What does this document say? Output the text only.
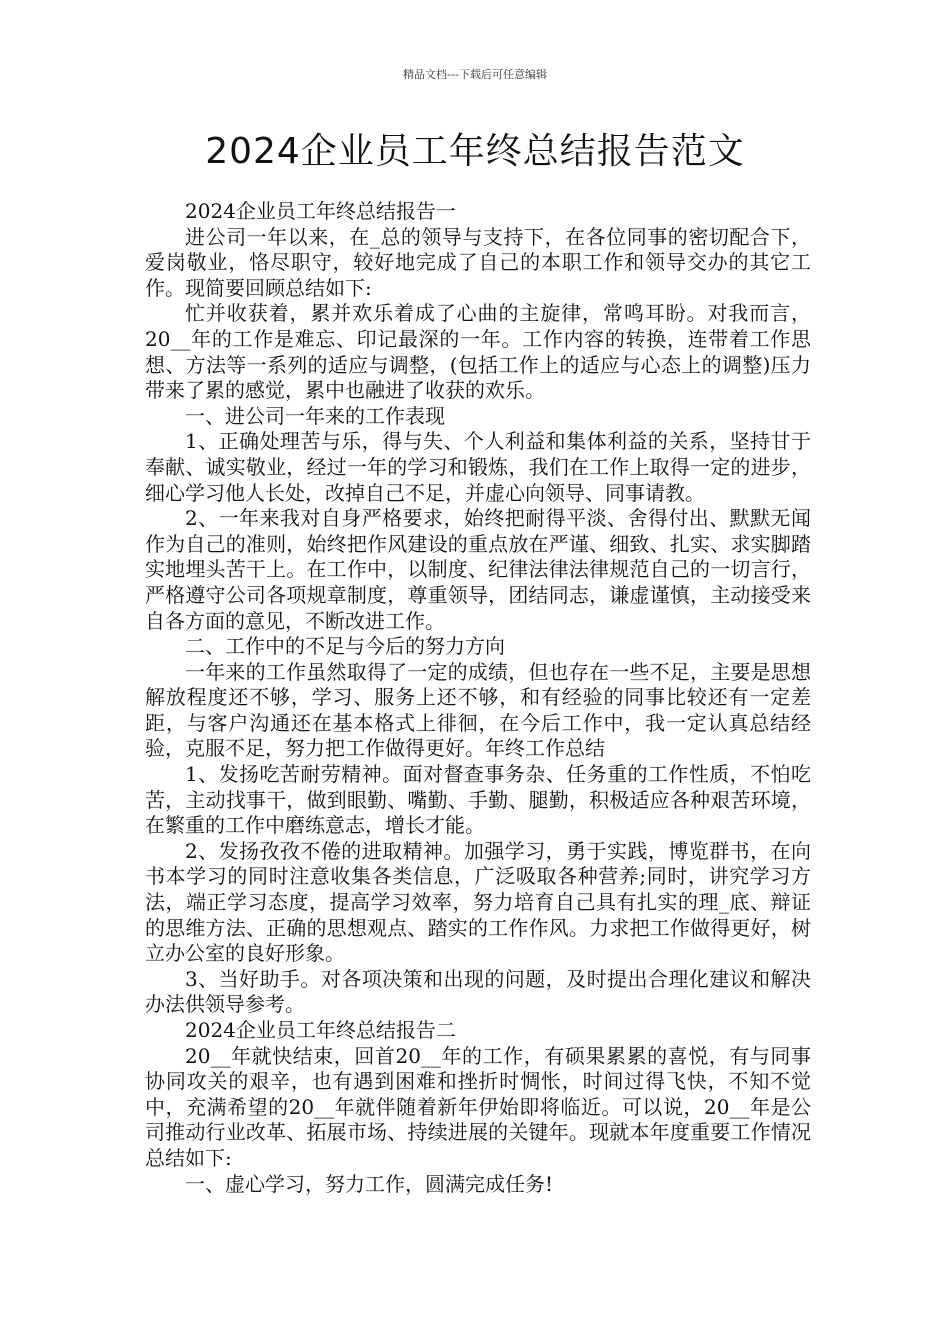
精品文档---下载后可任意编辑
2024企业员工年终总结报告范文

2024企业员工年终总结报告一

进公司一年以来，在_总的领导与支持下，在各位同事的密切配合下，爱岗敬业，恪尽职守，较好地完成了自己的本职工作和领导交办的其它工作。现简要回顾总结如下:

忙并收获着，累并欢乐着成了心曲的主旋律，常鸣耳盼。对我而言，20__年的工作是难忘、印记最深的一年。工作内容的转换，连带着工作思想、方法等一系列的适应与调整，(包括工作上的适应与心态上的调整)压力带来了累的感觉，累中也融进了收获的欢乐。

一、进公司一年来的工作表现

1、正确处理苦与乐，得与失、个人利益和集体利益的关系，坚持甘于奉献、诚实敬业，经过一年的学习和锻炼，我们在工作上取得一定的进步，细心学习他人长处，改掉自己不足，并虚心向领导、同事请教。

2、一年来我对自身严格要求，始终把耐得平淡、舍得付出、默默无闻作为自己的准则，始终把作风建设的重点放在严谨、细致、扎实、求实脚踏实地埋头苦干上。在工作中，以制度、纪律法律法律规范自己的一切言行，严格遵守公司各项规章制度，尊重领导，团结同志，谦虚谨慎，主动接受来自各方面的意见，不断改进工作。

二、工作中的不足与今后的努力方向

一年来的工作虽然取得了一定的成绩，但也存在一些不足，主要是思想解放程度还不够，学习、服务上还不够，和有经验的同事比较还有一定差距，与客户沟通还在基本格式上徘徊，在今后工作中，我一定认真总结经验，克服不足，努力把工作做得更好。年终工作总结

1、发扬吃苦耐劳精神。面对督查事务杂、任务重的工作性质，不怕吃苦，主动找事干，做到眼勤、嘴勤、手勤、腿勤，积极适应各种艰苦环境，在繁重的工作中磨练意志，增长才能。

2、发扬孜孜不倦的进取精神。加强学习，勇于实践，博览群书，在向书本学习的同时注意收集各类信息，广泛吸取各种营养;同时，讲究学习方法，端正学习态度，提高学习效率，努力培育自己具有扎实的理_底、辩证的思维方法、正确的思想观点、踏实的工作作风。力求把工作做得更好，树立办公室的良好形象。

3、当好助手。对各项决策和出现的问题，及时提出合理化建议和解决办法供领导参考。

2024企业员工年终总结报告二

20__年就快结束，回首20__年的工作，有硕果累累的喜悦，有与同事协同攻关的艰辛，也有遇到困难和挫折时惆怅，时间过得飞快，不知不觉中，充满希望的20__年就伴随着新年伊始即将临近。可以说，20__年是公司推动行业改革、拓展市场、持续进展的关键年。现就本年度重要工作情况总结如下:

一、虚心学习，努力工作，圆满完成任务!
